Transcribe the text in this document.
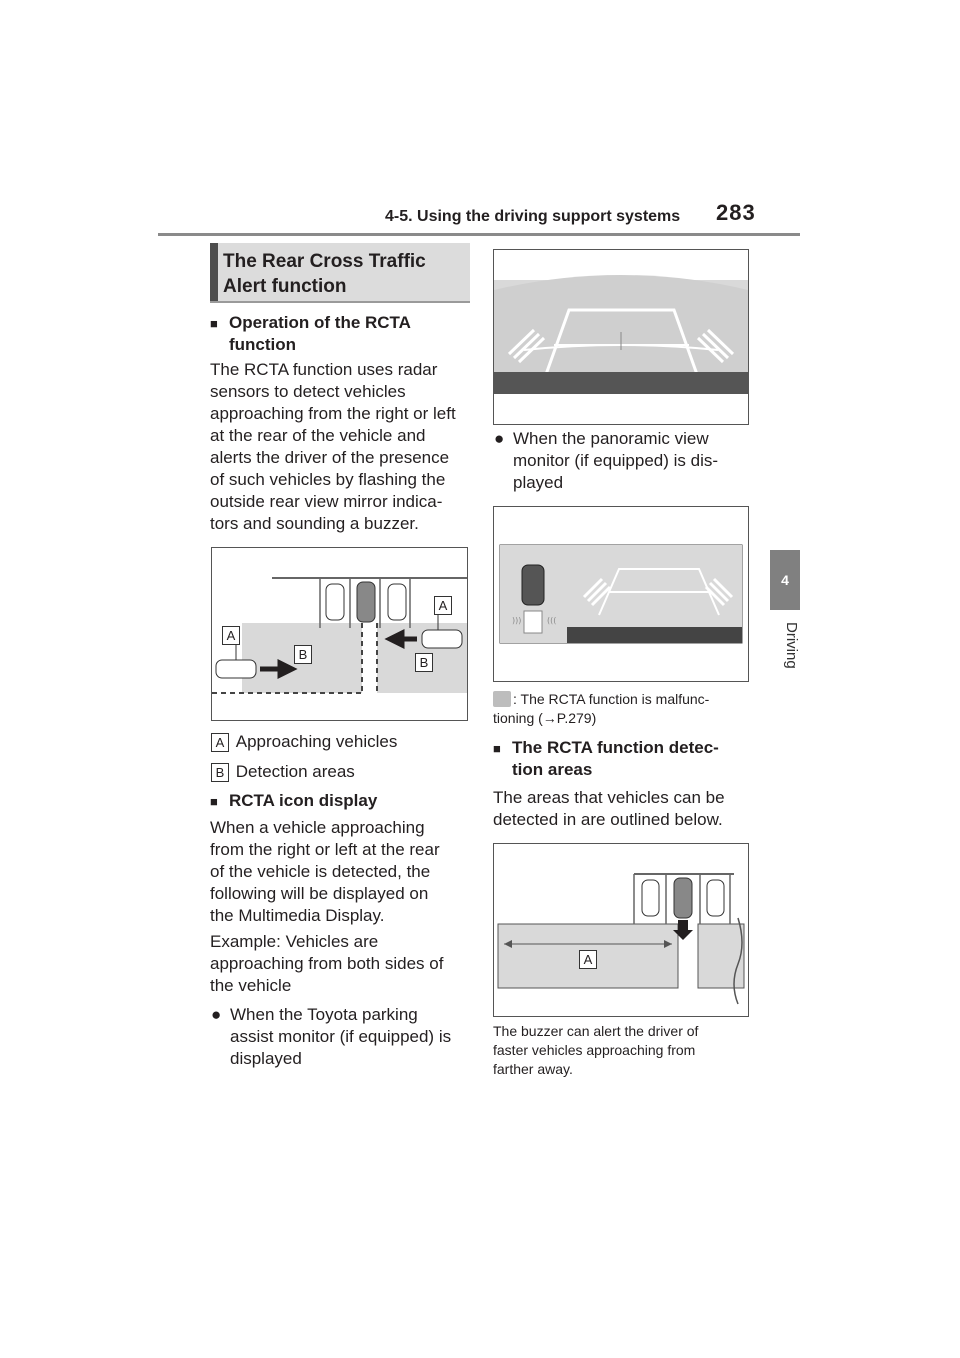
4-5. Using the driving support systems 283
4
Driving
The Rear Cross Traffic
Alert function
■ Operation of the RCTA
function
The RCTA function uses radar
sensors to detect vehicles
approaching from the right or left
at the rear of the vehicle and
alerts the driver of the presence
of such vehicles by flashing the
outside rear view mirror indica-
tors and sounding a buzzer.
A
A
B
B
A Approaching vehicles
B Detection areas
■ RCTA icon display
When a vehicle approaching
from the right or left at the rear
of the vehicle is detected, the
following will be displayed on
the Multimedia Display.
Example: Vehicles are
approaching from both sides of
the vehicle
● When the Toyota parking
assist monitor (if equipped) is
displayed
● When the panoramic view
monitor (if equipped) is dis-
played
)))	(((
: The RCTA function is malfunc-
tioning (→P.279)
■ The RCTA function detec-
tion areas
The areas that vehicles can be
detected in are outlined below.
A
The buzzer can alert the driver of
faster vehicles approaching from
farther away.
